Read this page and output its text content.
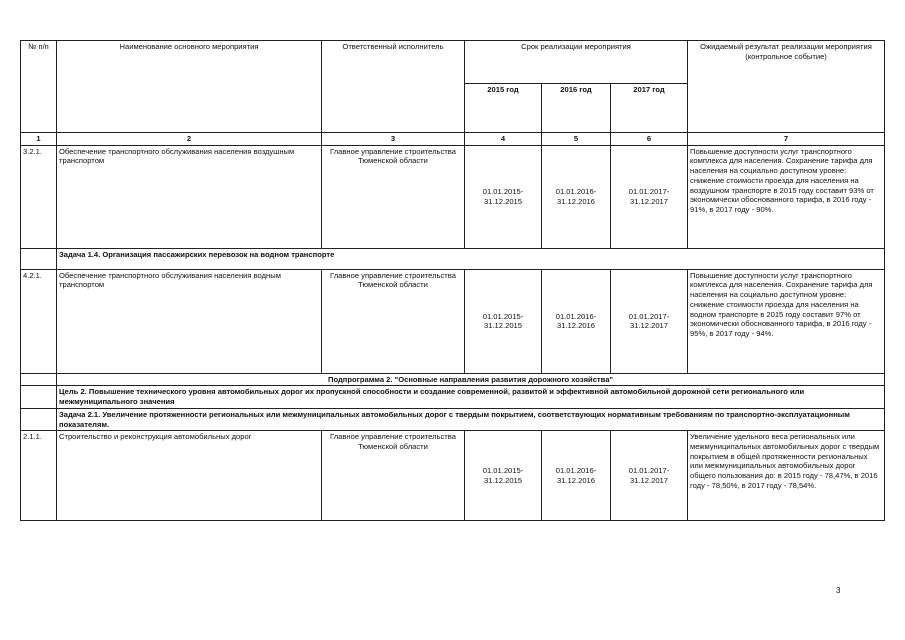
№ п/п	Наименование основного мероприятия	Ответственный исполнитель	Срок реализации мероприятия			Ожидаемый результат реализации мероприятия (контрольное событие)
			2015 год	2016 год	2017 год	
1	2	3	4	5	6	7
3.2.1.	Обеспечение транспортного обслуживания населения воздушным транспортом	Главное управление строительства Тюменской области	01.01.2015-31.12.2015	01.01.2016-31.12.2016	01.01.2017-31.12.2017	Повышение доступности услуг транспортного комплекса для населения. Сохранение тарифа для населения на социально доступном уровне: снижение стоимости проезда для населения на воздушном транспорте в 2015 году составит 93% от экономически обоснованного тарифа, в 2016 году - 91%, в 2017 году - 90%.
	Задача 1.4. Организация пассажирских перевозок на водном транспорте					
4.2.1.	Обеспечение транспортного обслуживания населения водным транспортом	Главное управление строительства Тюменской области	01.01.2015-31.12.2015	01.01.2016-31.12.2016	01.01.2017-31.12.2017	Повышение доступности услуг транспортного комплекса для населения. Сохранение тарифа для населения на социально доступном уровне: снижение стоимости проезда для населения на водном транспорте в 2015 году составит 97% от экономически обоснованного тарифа, в 2016 году - 95%, в 2017 году - 94%.
	Подпрограмма 2. "Основные направления развития дорожного хозяйства"					
	Цель 2. Повышение технического уровня автомобильных дорог их пропускной способности и создание современной, развитой и эффективной автомобильной дорожной сети регионального или межмуниципального значения					
	Задача 2.1. Увеличение протяженности региональных или межмуниципальных автомобильных дорог с твердым покрытием, соответствующих нормативным требованиям по транспортно-эксплуатационным показателям.					
2.1.1.	Строительство и реконструкция автомобильных дорог	Главное управление строительства Тюменской области	01.01.2015-31.12.2015	01.01.2016-31.12.2016	01.01.2017-31.12.2017	Увеличение удельного веса региональных или межмуниципальных автомобильных дорог с твердым покрытием в общей протяженности региональных или межмуниципальных автомобильных дорог общего пользования до: в 2015 году - 78,47%, в 2016 году - 78,50%, в 2017 году - 78,54%.
3
